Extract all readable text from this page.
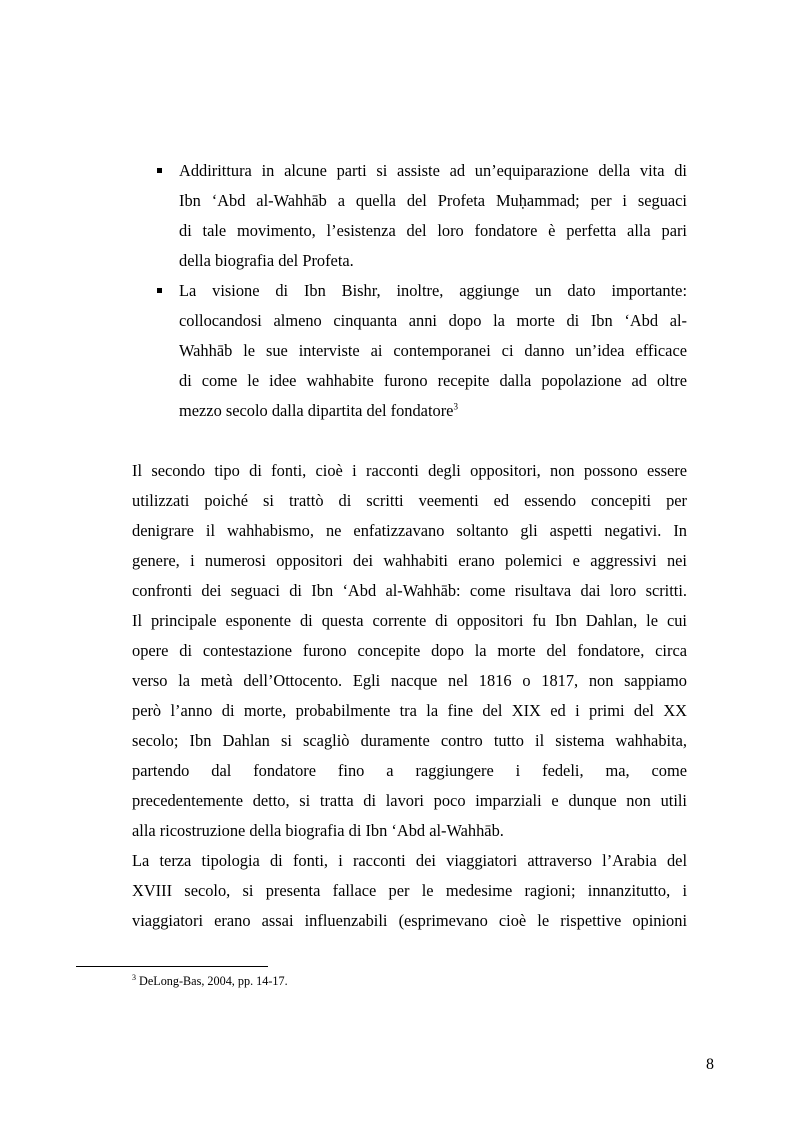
Addirittura in alcune parti si assiste ad un’equiparazione della vita di
Ibn ‘Abd al-Wahhāb a quella del Profeta Muḥammad; per i seguaci
di tale movimento, l’esistenza del loro fondatore è perfetta alla pari
della biografia del Profeta.
La visione di Ibn Bishr, inoltre, aggiunge un dato importante:
collocandosi almeno cinquanta anni dopo la morte di Ibn ‘Abd al-
Wahhāb le sue interviste ai contemporanei ci danno un’idea efficace
di come le idee wahhabite furono recepite dalla popolazione ad oltre
mezzo secolo dalla dipartita del fondatore$^3$

Il secondo tipo di fonti, cioè i racconti degli oppositori, non possono essere
utilizzati poiché si trattò di scritti veementi ed essendo concepiti per
denigrare il wahhabismo, ne enfatizzavano soltanto gli aspetti negativi. In
genere, i numerosi oppositori dei wahhabiti erano polemici e aggressivi nei
confronti dei seguaci di Ibn ‘Abd al-Wahhāb: come risultava dai loro scritti.
Il principale esponente di questa corrente di oppositori fu Ibn Dahlan, le cui
opere di contestazione furono concepite dopo la morte del fondatore, circa
verso la metà dell’Ottocento. Egli nacque nel 1816 o 1817, non sappiamo
però l’anno di morte, probabilmente tra la fine del XIX ed i primi del XX
secolo; Ibn Dahlan si scagliò duramente contro tutto il sistema wahhabita,
partendo dal fondatore fino a raggiungere i fedeli, ma, come
precedentemente detto, si tratta di lavori poco imparziali e dunque non utili
alla ricostruzione della biografia di Ibn ‘Abd al-Wahhāb.

La terza tipologia di fonti, i racconti dei viaggiatori attraverso l’Arabia del
XVIII secolo, si presenta fallace per le medesime ragioni; innanzitutto, i
viaggiatori erano assai influenzabili (esprimevano cioè le rispettive opinioni

$^3$ DeLong-Bas, 2004, pp. 14-17.
8
